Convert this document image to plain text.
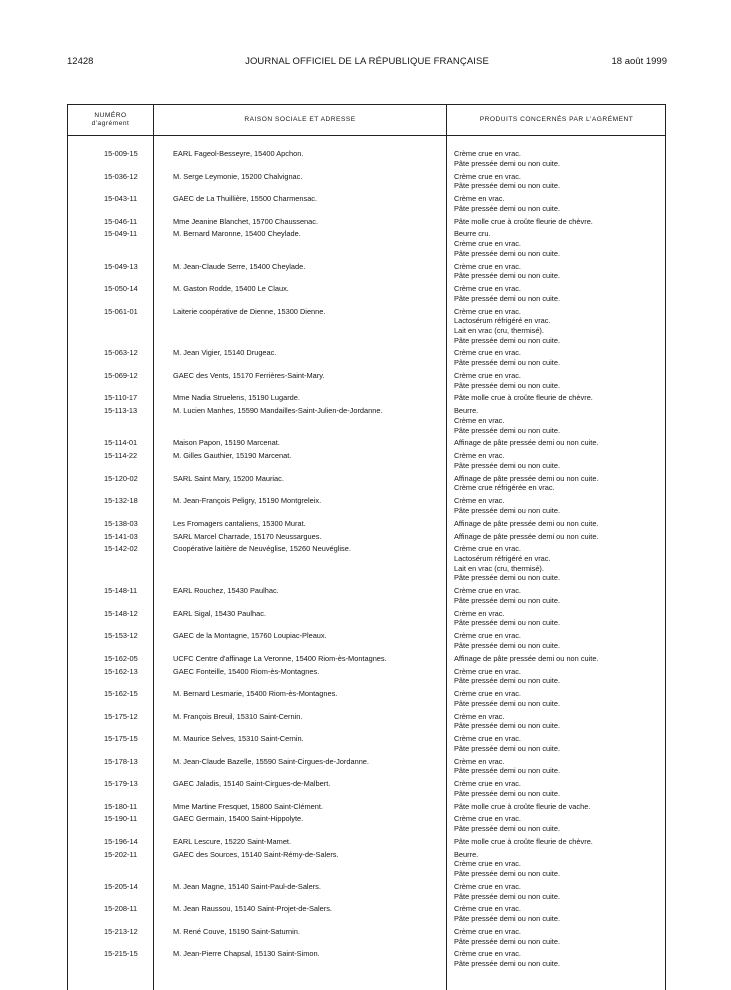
12428	JOURNAL OFFICIEL DE LA RÉPUBLIQUE FRANÇAISE	18 août 1999
NUMÉRO
d'agrément
RAISON SOCIALE ET ADRESSE	PRODUITS CONCERNÉS PAR L'AGRÉMENT
15-009-15	EARL Fageol-Besseyre, 15400 Apchon.	Crème crue en vrac.
Pâte pressée demi ou non cuite.
15-036-12	M. Serge Leymonie, 15200 Chalvignac.	Crème crue en vrac.
Pâte pressée demi ou non cuite.
15-043-11	GAEC de La Thuillière, 15500 Charmensac.	Crème en vrac.
Pâte pressée demi ou non cuite.
15-046-11	Mme Jeanine Blanchet, 15700 Chaussenac.	Pâte molle crue à croûte fleurie de chèvre.
15-049-11	M. Bernard Maronne, 15400 Cheylade.	Beurre cru.
Crème crue en vrac.
Pâte pressée demi ou non cuite.
15-049-13	M. Jean-Claude Serre, 15400 Cheylade.	Crème crue en vrac.
Pâte pressée demi ou non cuite.
15-050-14	M. Gaston Rodde, 15400 Le Claux.	Crème crue en vrac.
Pâte pressée demi ou non cuite.
15-061-01	Laiterie coopérative de Dienne, 15300 Dienne.	Crème crue en vrac.
Lactosérum réfrigéré en vrac.
Lait en vrac (cru, thermisé).
Pâte pressée demi ou non cuite.
15-063-12	M. Jean Vigier, 15140 Drugeac.	Crème crue en vrac.
Pâte pressée demi ou non cuite.
15-069-12	GAEC des Vents, 15170 Ferrières-Saint-Mary.	Crème crue en vrac.
Pâte pressée demi ou non cuite.
15-110-17	Mme Nadia Struelens, 15190 Lugarde.	Pâte molle crue à croûte fleurie de chèvre.
15-113-13	M. Lucien Manhes, 15590 Mandailles-Saint-Julien-de-Jordanne.	Beurre.
Crème en vrac.
Pâte pressée demi ou non cuite.
15-114-01	Maison Papon, 15190 Marcenat.	Affinage de pâte pressée demi ou non cuite.
15-114-22	M. Gilles Gauthier, 15190 Marcenat.	Crème en vrac.
Pâte pressée demi ou non cuite.
15-120-02	SARL Saint Mary, 15200 Mauriac.	Affinage de pâte pressée demi ou non cuite.
Crème crue réfrigérée en vrac.
15-132-18	M. Jean-François Peligry, 15190 Montgreleix.	Crème en vrac.
Pâte pressée demi ou non cuite.
15-138-03	Les Fromagers cantaliens, 15300 Murat.	Affinage de pâte pressée demi ou non cuite.
15-141-03	SARL Marcel Charrade, 15170 Neussargues.	Affinage de pâte pressée demi ou non cuite.
15-142-02	Coopérative laitière de Neuvéglise, 15260 Neuvéglise.	Crème crue en vrac.
Lactosérum réfrigéré en vrac.
Lait en vrac (cru, thermisé).
Pâte pressée demi ou non cuite.
15-148-11	EARL Rouchez, 15430 Paulhac.	Crème crue en vrac.
Pâte pressée demi ou non cuite.
15-148-12	EARL Sigal, 15430 Paulhac.	Crème en vrac.
Pâte pressée demi ou non cuite.
15-153-12	GAEC de la Montagne, 15760 Loupiac-Pleaux.	Crème crue en vrac.
Pâte pressée demi ou non cuite.
15-162-05	UCFC Centre d'affinage La Veronne, 15400 Riom-ès-Montagnes.	Affinage de pâte pressée demi ou non cuite.
15-162-13	GAEC Fonteille, 15400 Riom-ès-Montagnes.	Crème crue en vrac.
Pâte pressée demi ou non cuite.
15-162-15	M. Bernard Lesmarie, 15400 Riom-ès-Montagnes.	Crème crue en vrac.
Pâte pressée demi ou non cuite.
15-175-12	M. François Breuil, 15310 Saint-Cernin.	Crème en vrac.
Pâte pressée demi ou non cuite.
15-175-15	M. Maurice Selves, 15310 Saint-Cernin.	Crème crue en vrac.
Pâte pressée demi ou non cuite.
15-178-13	M. Jean-Claude Bazelle, 15590 Saint-Cirgues-de-Jordanne.	Crème en vrac.
Pâte pressée demi ou non cuite.
15-179-13	GAEC Jaladis, 15140 Saint-Cirgues-de-Malbert.	Crème crue en vrac.
Pâte pressée demi ou non cuite.
15-180-11	Mme Martine Fresquet, 15800 Saint-Clément.	Pâte molle crue à croûte fleurie de vache.
15-190-11	GAEC Germain, 15400 Saint-Hippolyte.	Crème crue en vrac.
Pâte pressée demi ou non cuite.
15-196-14	EARL Lescure, 15220 Saint-Mamet.	Pâte molle crue à croûte fleurie de chèvre.
15-202-11	GAEC des Sources, 15140 Saint-Rémy-de-Salers.	Beurre.
Crème crue en vrac.
Pâte pressée demi ou non cuite.
15-205-14	M. Jean Magne, 15140 Saint-Paul-de-Salers.	Crème crue en vrac.
Pâte pressée demi ou non cuite.
15-208-11	M. Jean Raussou, 15140 Saint-Projet-de-Salers.	Crème crue en vrac.
Pâte pressée demi ou non cuite.
15-213-12	M. René Couve, 15190 Saint-Saturnin.	Crème crue en vrac.
Pâte pressée demi ou non cuite.
15-215-15	M. Jean-Pierre Chapsal, 15130 Saint-Simon.	Crème crue en vrac.
Pâte pressée demi ou non cuite.
